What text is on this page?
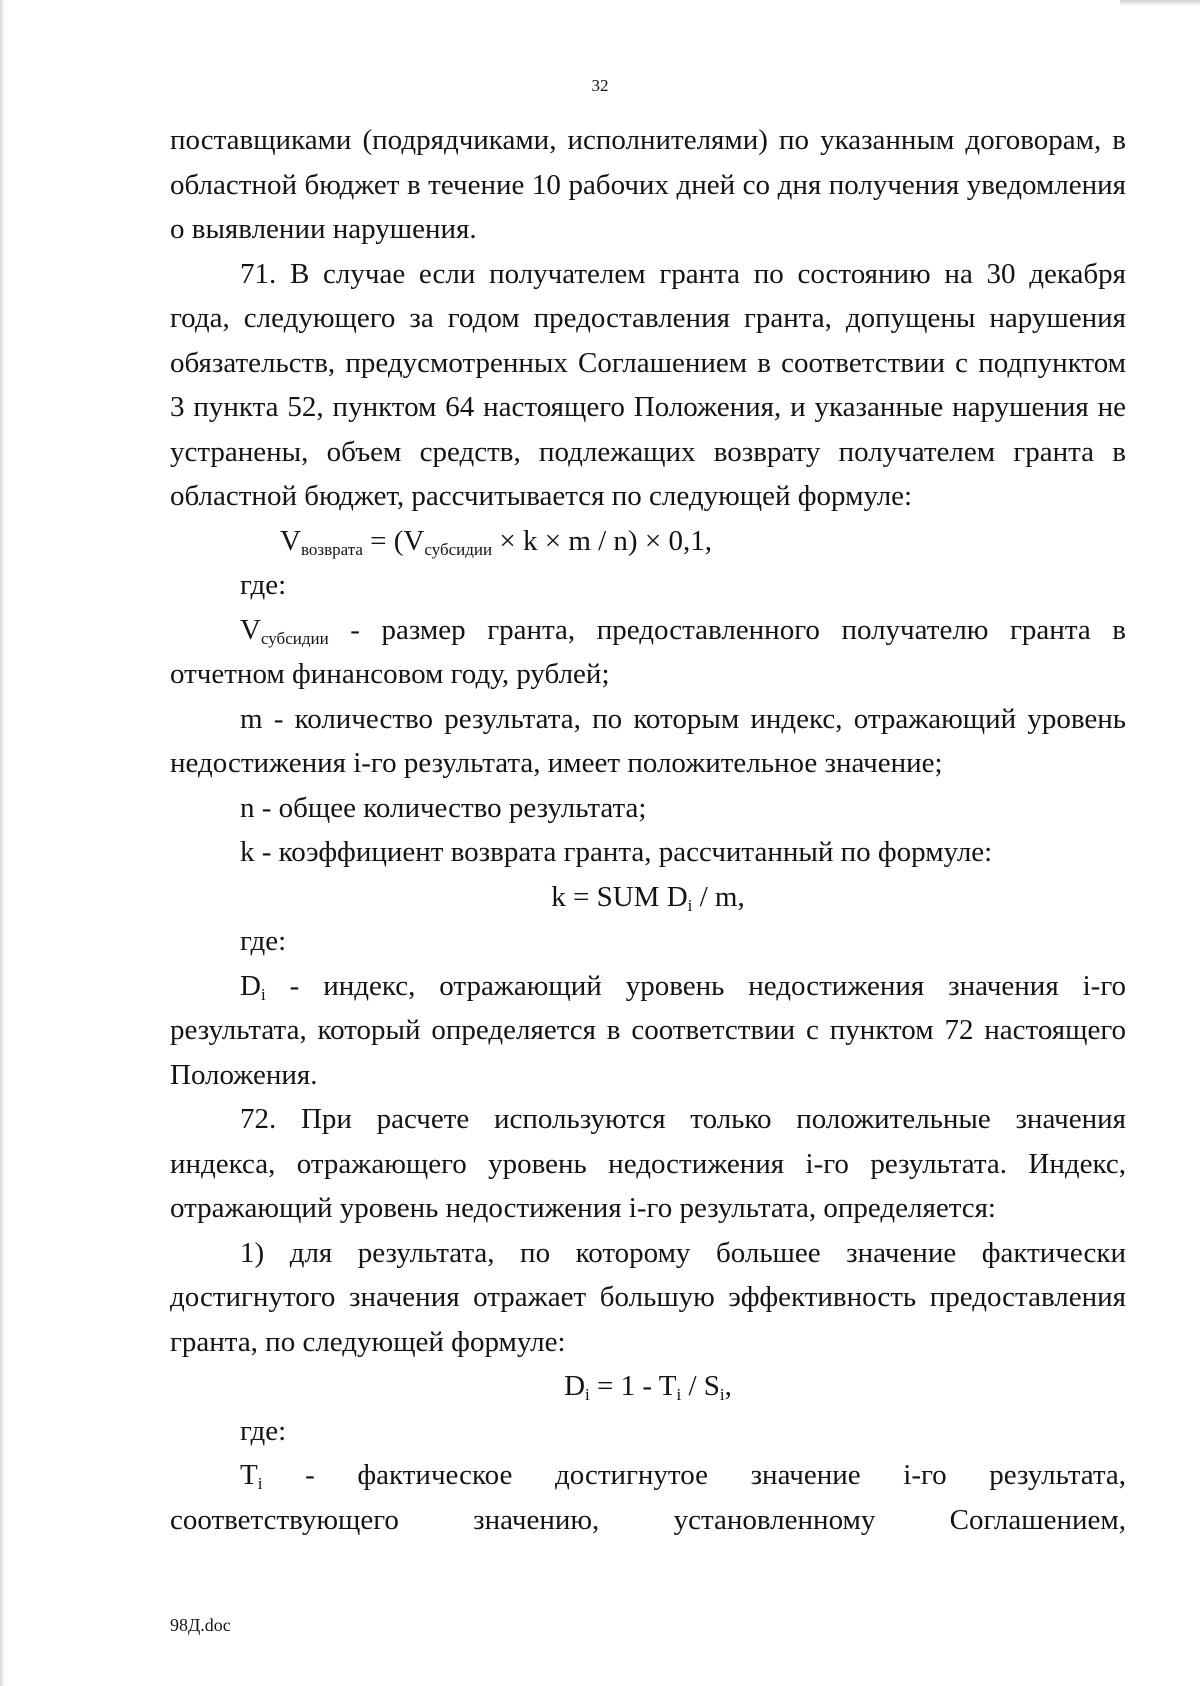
32

поставщиками (подрядчиками, исполнителями) по указанным договорам, в областной бюджет в течение 10 рабочих дней со дня получения уведомления о выявлении нарушения.

71. В случае если получателем гранта по состоянию на 30 декабря года, следующего за годом предоставления гранта, допущены нарушения обязательств, предусмотренных Соглашением в соответствии с подпунктом 3 пункта 52, пунктом 64 настоящего Положения, и указанные нарушения не устранены, объем средств, подлежащих возврату получателем гранта в областной бюджет, рассчитывается по следующей формуле:

$V_{возврата} = (V_{субсидии} \times k \times m / n) \times 0,1$,

где:

$V_{субсидии}$ - размер гранта, предоставленного получателю гранта в отчетном финансовом году, рублей;

m - количество результата, по которым индекс, отражающий уровень недостижения i-го результата, имеет положительное значение;

n - общее количество результата;

k - коэффициент возврата гранта, рассчитанный по формуле:

k = SUM $D_i$ / m,

где:

$D_i$ - индекс, отражающий уровень недостижения значения i-го результата, который определяется в соответствии с пунктом 72 настоящего Положения.

72. При расчете используются только положительные значения индекса, отражающего уровень недостижения i-го результата. Индекс, отражающий уровень недостижения i-го результата, определяется:

1) для результата, по которому большее значение фактически достигнутого значения отражает большую эффективность предоставления гранта, по следующей формуле:

$D_i = 1 - T_i / S_i$,

где:

$T_i$ - фактическое достигнутое значение i-го результата, соответствующего значению, установленному Соглашением,

98Д.doc
